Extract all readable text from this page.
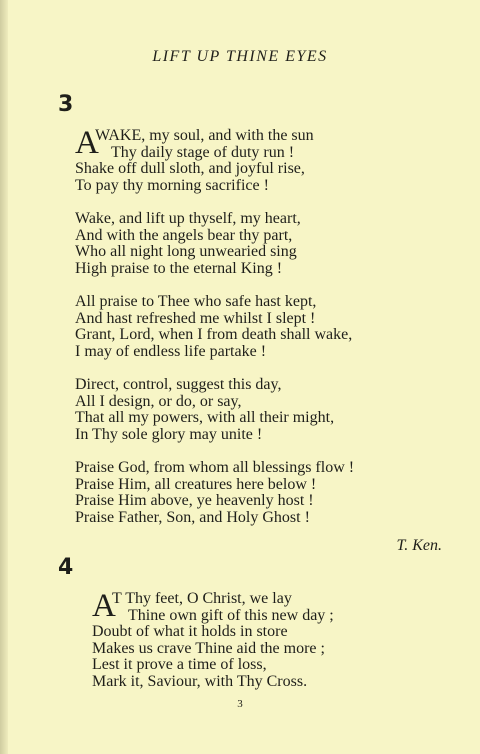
LIFT UP THINE EYES
3
A
WAKE, my soul, and with the sun
Thy daily stage of duty run !
Shake off dull sloth, and joyful rise,
To pay thy morning sacrifice !
Wake, and lift up thyself, my heart,
And with the angels bear thy part,
Who all night long unwearied sing
High praise to the eternal King !
All praise to Thee who safe hast kept,
And hast refreshed me whilst I slept !
Grant, Lord, when I from death shall wake,
I may of endless life partake !
Direct, control, suggest this day,
All I design, or do, or say,
That all my powers, with all their might,
In Thy sole glory may unite !
Praise God, from whom all blessings flow !
Praise Him, all creatures here below !
Praise Him above, ye heavenly host !
Praise Father, Son, and Holy Ghost !
T. Ken.
4
A
T Thy feet, O Christ, we lay
Thine own gift of this new day ;
Doubt of what it holds in store
Makes us crave Thine aid the more ;
Lest it prove a time of loss,
Mark it, Saviour, with Thy Cross.
3
